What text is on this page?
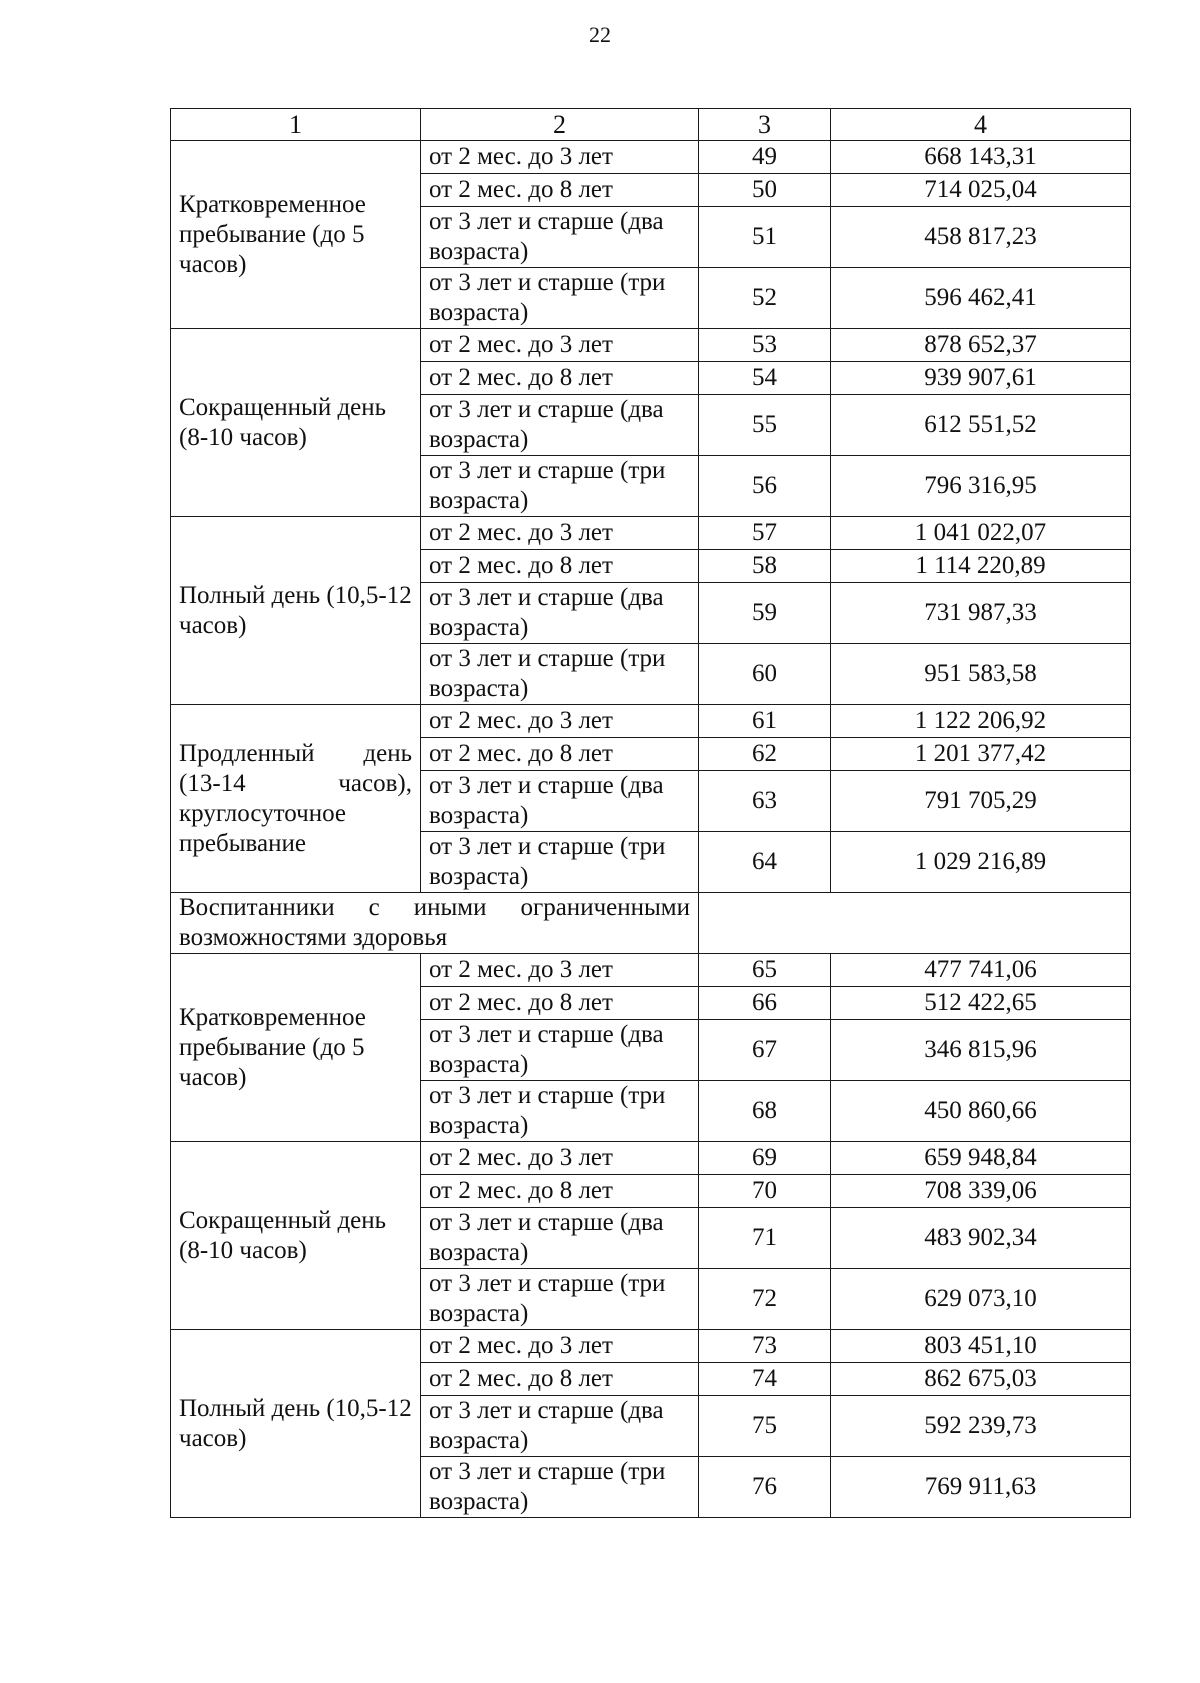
22
1	2	3	4
Кратковременное пребывание (до 5 часов)	от 2 мес. до 3 лет	49	668 143,31
	от 2 мес. до 8 лет	50	714 025,04
	от 3 лет и старше (два возраста)	51	458 817,23
	от 3 лет и старше (три возраста)	52	596 462,41
Сокращенный день (8-10 часов)	от 2 мес. до 3 лет	53	878 652,37
	от 2 мес. до 8 лет	54	939 907,61
	от 3 лет и старше (два возраста)	55	612 551,52
	от 3 лет и старше (три возраста)	56	796 316,95
Полный день (10,5-12 часов)	от 2 мес. до 3 лет	57	1 041 022,07
	от 2 мес. до 8 лет	58	1 114 220,89
	от 3 лет и старше (два возраста)	59	731 987,33
	от 3 лет и старше (три возраста)	60	951 583,58
Продленный день (13-14 часов), круглосуточное пребывание	от 2 мес. до 3 лет	61	1 122 206,92
	от 2 мес. до 8 лет	62	1 201 377,42
	от 3 лет и старше (два возраста)	63	791 705,29
	от 3 лет и старше (три возраста)	64	1 029 216,89
Воспитанники с иными ограниченными возможностями здоровья			
Кратковременное пребывание (до 5 часов)	от 2 мес. до 3 лет	65	477 741,06
	от 2 мес. до 8 лет	66	512 422,65
	от 3 лет и старше (два возраста)	67	346 815,96
	от 3 лет и старше (три возраста)	68	450 860,66
Сокращенный день (8-10 часов)	от 2 мес. до 3 лет	69	659 948,84
	от 2 мес. до 8 лет	70	708 339,06
	от 3 лет и старше (два возраста)	71	483 902,34
	от 3 лет и старше (три возраста)	72	629 073,10
Полный день (10,5-12 часов)	от 2 мес. до 3 лет	73	803 451,10
	от 2 мес. до 8 лет	74	862 675,03
	от 3 лет и старше (два возраста)	75	592 239,73
	от 3 лет и старше (три возраста)	76	769 911,63
